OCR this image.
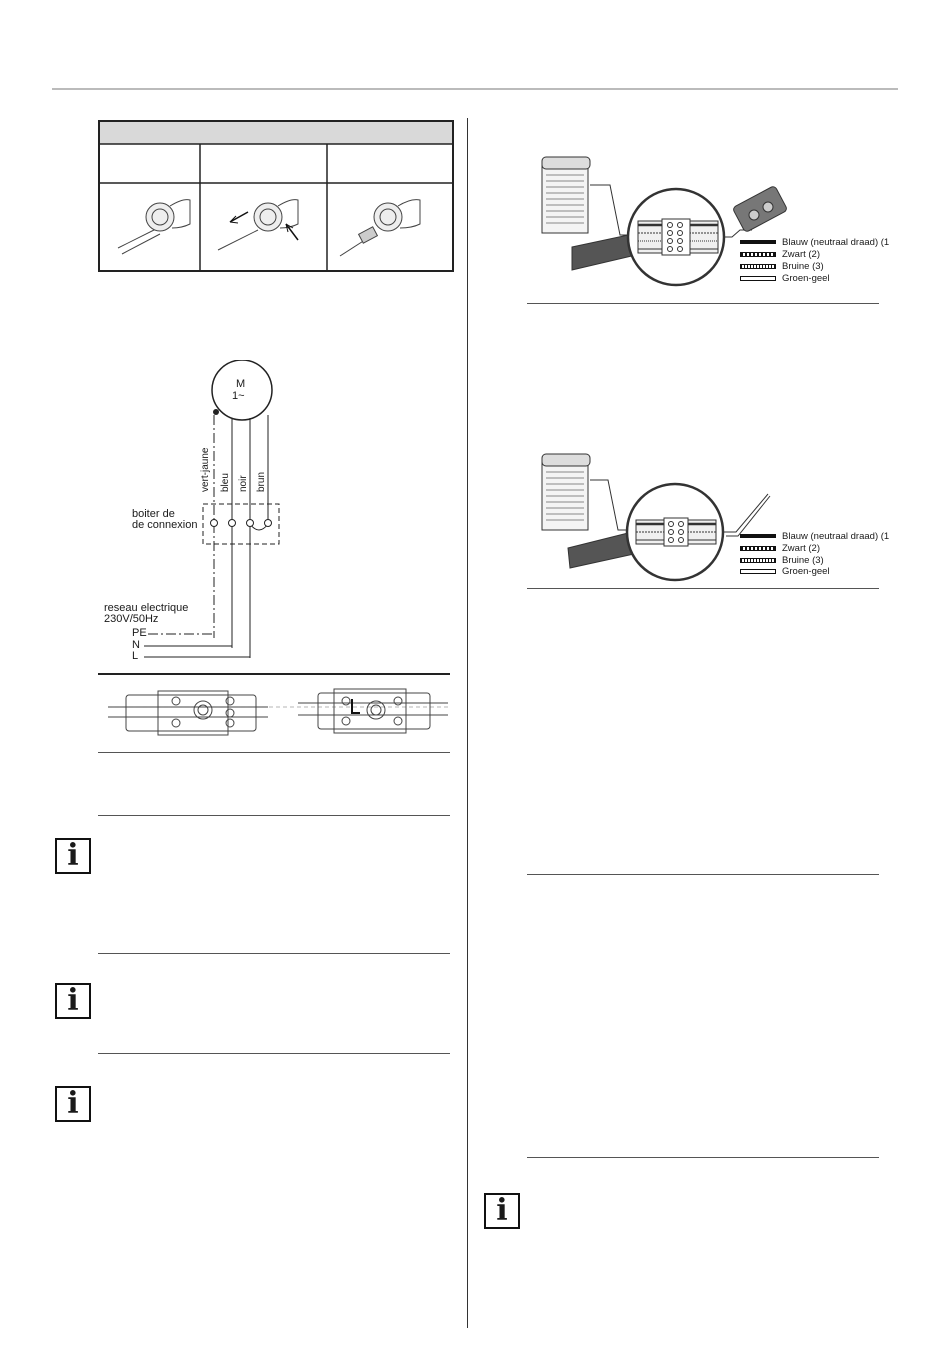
M
1~
vert-jaune bleu noir brun
boiter de
de connexion
reseau electrique
230V/50Hz
PE
N
L
i
i
i
Blauw (neutraal draad) (1
Zwart (2)
Bruine (3)
Groen-geel
Blauw (neutraal draad) (1
Zwart (2)
Bruine (3)
Groen-geel
i
